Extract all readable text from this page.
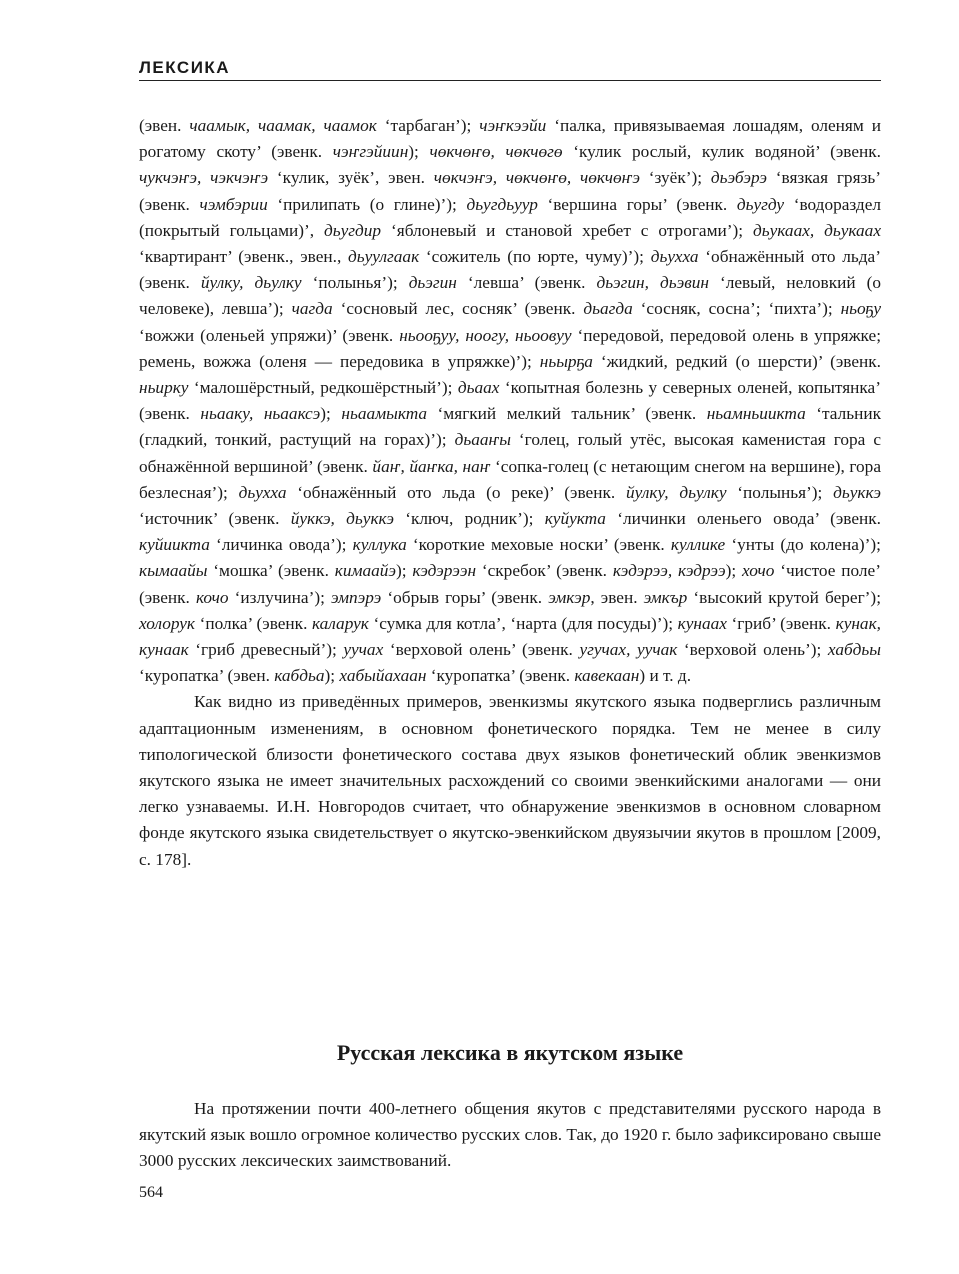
ЛЕКСИКА

(эвен. чаамык, чаамак, чаамок ‘тарбаган’); чэҥкээйи ‘палка, привязываемая лошадям, оленям и рогатому скоту’ (эвенк. чэҥгэйиин); чөкчөҥө, чөкчөгө ‘кулик рослый, кулик водяной’ (эвенк. чукчэҥэ, чэкчэҥэ ‘кулик, зуёк’, эвен. чөкчэҥэ, чөкчөҥө, чөкчөҥэ ‘зуёк’); дьэбэрэ ‘вязкая грязь’ (эвенк. чэмбэрии ‘прилипать (о глине)’); дьугдьуур ‘вершина горы’ (эвенк. дьугду ‘водораздел (покрытый гольцами)’, дьугдир ‘яблоневый и становой хребет с отрогами’); дьукаах, дьукаах ‘квартирант’ (эвенк., эвен., дьуулгаак ‘сожитель (по юрте, чуму)’); дьухха ‘обнажённый ото льда’ (эвенк. йулку, дьулку ‘полынья’); дьэгин ‘левша’ (эвенк. дьэгин, дьэвин ‘левый, неловкий (о человеке), левша’); чагда ‘сосновый лес, сосняк’ (эвенк. дьагда ‘сосняк, сосна’; ‘пихта’); ньоҕу ‘вожжи (оленьей упряжи)’ (эвенк. ньооҕуу, ноогу, ньоовуу ‘передовой, передовой олень в упряжке; ремень, вожжа (оленя — передовика в упряжке)’); ньырҕа ‘жидкий, редкий (о шерсти)’ (эвенк. ньирку ‘малошёрстный, редкошёрстный’); дьаах ‘копытная болезнь у северных оленей, копытянка’ (эвенк. ньааку, ньааксэ); ньаамыкта ‘мягкий мелкий тальник’ (эвенк. ньамньиикта ‘тальник (гладкий, тонкий, растущий на горах)’); дьааҥы ‘голец, голый утёс, высокая каменистая гора с обнажённой вершиной’ (эвенк. йаҥ, йаҥка, наҥ ‘сопка-голец (с нетающим снегом на вершине), гора безлесная’); дьухха ‘обнажённый ото льда (о реке)’ (эвенк. йулку, дьулку ‘полынья’); дьуккэ ‘источник’ (эвенк. йуккэ, дьуккэ ‘ключ, родник’); куйукта ‘личинки оленьего овода’ (эвенк. куйиикта ‘личинка овода’); куллука ‘короткие меховые носки’ (эвенк. куллике ‘унты (до колена)’); кымаайы ‘мошка’ (эвенк. кимаайэ); кэдэрээн ‘скребок’ (эвенк. кэдэрээ, кэдрээ); хочо ‘чистое поле’ (эвенк. кочо ‘излучина’); эмпэрэ ‘обрыв горы’ (эвенк. эмкэр, эвен. эмкър ‘высокий крутой берег’); холорук ‘полка’ (эвенк. каларук ‘сумка для котла’, ‘нарта (для посуды)’); кунаах ‘гриб’ (эвенк. кунак, кунаак ‘гриб древесный’); уучах ‘верховой олень’ (эвенк. угучах, уучак ‘верховой олень’); хабдьы ‘куропатка’ (эвен. кабдьа); хабыйахаан ‘куропатка’ (эвенк. кавекаан) и т. д.

Как видно из приведённых примеров, эвенкизмы якутского языка подверглись различным адаптационным изменениям, в основном фонетического порядка. Тем не менее в силу типологической близости фонетического состава двух языков фонетический облик эвенкизмов якутского языка не имеет значительных расхождений со своими эвенкийскими аналогами — они легко узнаваемы. И.Н. Новгородов считает, что обнаружение эвенкизмов в основном словарном фонде якутского языка свидетельствует о якутско-эвенкийском двуязычии якутов в прошлом [2009, с. 178].

Русская лексика в якутском языке

На протяжении почти 400-летнего общения якутов с представителями русского народа в якутский язык вошло огромное количество русских слов. Так, до 1920 г. было зафиксировано свыше 3000 русских лексических заимствований.

564
